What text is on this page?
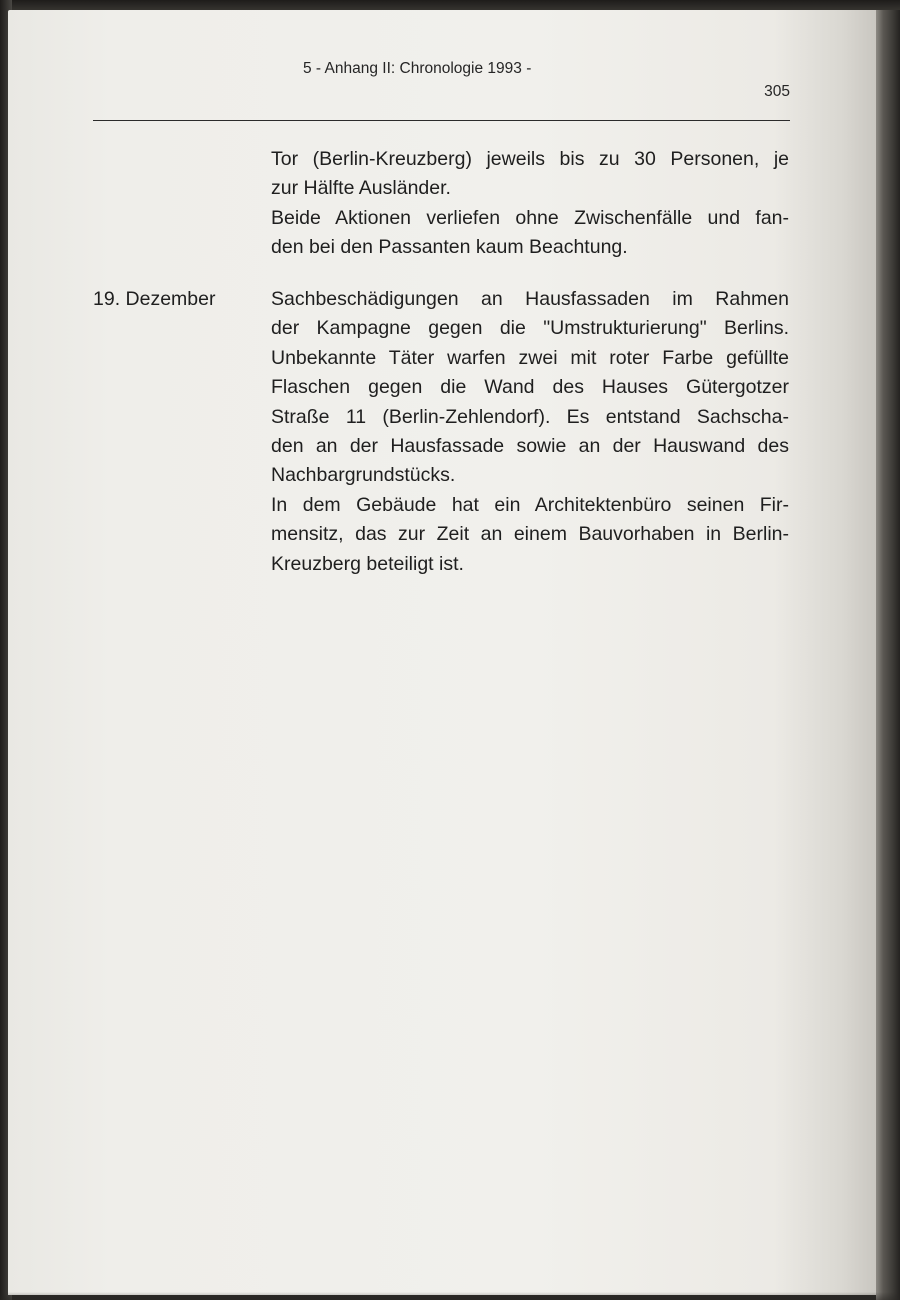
5 - Anhang II: Chronologie 1993 -
305
Tor (Berlin-Kreuzberg) jeweils bis zu 30 Personen, je
zur Hälfte Ausländer.
Beide Aktionen verliefen ohne Zwischenfälle und fan-
den bei den Passanten kaum Beachtung.
19. Dezember	Sachbeschädigungen an Hausfassaden im Rahmen
der Kampagne gegen die "Umstrukturierung" Berlins.
Unbekannte Täter warfen zwei mit roter Farbe gefüllte
Flaschen gegen die Wand des Hauses Gütergotzer
Straße 11 (Berlin-Zehlendorf). Es entstand Sachscha-
den an der Hausfassade sowie an der Hauswand des
Nachbargrundstücks.
In dem Gebäude hat ein Architektenbüro seinen Fir-
mensitz, das zur Zeit an einem Bauvorhaben in Berlin-
Kreuzberg beteiligt ist.
